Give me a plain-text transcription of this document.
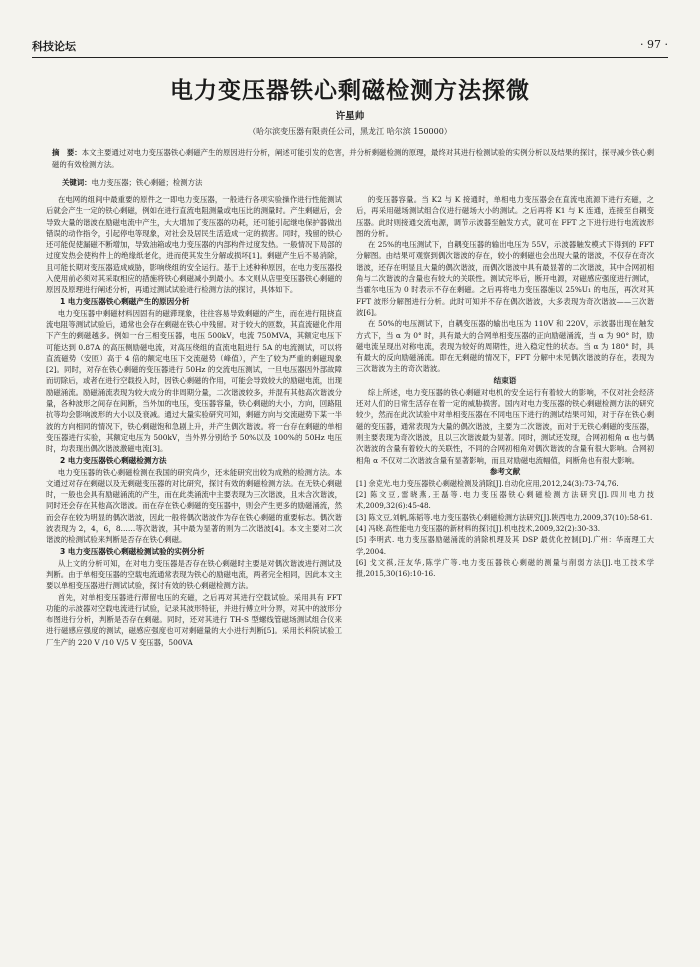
科技论坛	· 97 ·
电力变压器铁心剩磁检测方法探微
许星帅
（哈尔滨变压器有限责任公司，黑龙江 哈尔滨 150000）
摘　要：本文主要通过对电力变压器铁心剩磁产生的原因进行分析，阐述可能引发的危害，并分析剩磁检测的原理，最终对其进行检测试验的实例分析以及结果的探讨，探寻减少铁心剩磁的有效检测方法。
关键词：电力变压器；铁心剩磁；检测方法

在电网的组间中最重要的原件之一即电力变压器，一般进行各项实验操作进行性能测试后就会产生一定的铁心剩磁，例如在进行直流电阻测量或电压比的测量时。产生剩磁后，会导致大量的谐波在励磁电流中产生，大大增加了变压器的功耗，还可能引起继电保护器做出错误的动作指令，引起停电等现象，对社会及居民生活造成一定的损害。同时，残留的铁心还可能促使漏磁不断增加，导致油箱或电力变压器的内部构件过度发热。一般情况下局部的过度发热会使构件上的绝缘纸老化，进而使其发生分解或损坏[1]。剩磁产生后不易消除，且可能长期对变压器造成威胁，影响绕组的安全运行。基于上述种种原因，在电力变压器投入使用前必须对其采取相应的措施将铁心剩磁减小到最小。本文则从店里变压器铁心剩磁的原因及原理进行阐述分析，再通过测试试验进行检测方法的探讨，具体如下。

1 电力变压器铁心剩磁产生的原因分析

电力变压器中剩磁材料因固有的磁滞现象，往往容易导致剩磁的产生，而在进行阻挠直流电阻等测试试验后，通常也会存在剩磁在铁心中残留。对于较大的匝数，其直流磁化作用下产生的剩磁越多。例如一台三相变压器，电压 500kV，电流 750MVA，其额定电压下可能达到 0.87A 的高压侧励磁电流，对高压绕组的直流电阻进行 5A 的电流测试，可以将直流磁势（安匝）高于 4 倍的额定电压下交流磁势（峰值），产生了较为严重的剩磁现象[2]。同时，对存在铁心剩磁的变压器进行 50Hz 的交流电压测试，一旦电压器因外部故障而切除后，或者在进行空载投入时，因铁心剩磁的作用，可能会导致较大的励磁电流，出现励磁涌流。励磁涌流表现为较大成分的非周期分量，二次谐波较多，并混有其他高次谐波分量，各种波形之间存在间断，当外加的电压，变压器容量，铁心剩磁的大小，方向，回路阻抗等均会影响波形的大小以及衰减。通过大量实验研究可知，剩磁方向与交流磁势下某一半波的方向相同的情况下，铁心剩磁饱和急剧上升，并产生偶次谐波。将一台存在剩磁的单相变压器进行实验，其额定电压为 500kV，当外界分别给予 50%以及 100%的 50Hz 电压时，均表现出偶次谐波激磁电流[3]。

2 电力变压器铁心剩磁检测方法

电力变压器的铁心剩磁检测在我国的研究尚少，还未能研究出较为成熟的检测方法。本文通过对存在剩磁以及无剩磁变压器的对比研究，探讨有效的剩磁检测方法。在无铁心剩磁时，一般也会具有励磁涌流的产生，而在此类涌流中主要表现为三次谐波，且未含次谐波，同时还会存在其他高次谐波。而在存在铁心剩磁的变压器中，则会产生更多的励磁涌流，然而会存在较为明显的偶次谐波，因此一般将偶次谐波作为存在铁心剩磁的重要标志。偶次谐波表现为 2，4，6，8……等次谐波，其中最为显著的则为二次谐波[4]。本文主要对二次谐波的检测试验来判断是否存在铁心剩磁。

3 电力变压器铁心剩磁检测试验的实例分析

从上文的分析可知，在对电力变压器是否存在铁心剩磁时主要是对偶次谐波进行测试及判断。由于单相变压器的空载电流通常表现为铁心的励磁电流，两者完全相同，因此本文主要以单相变压器进行测试试验，探讨有效的铁心剩磁检测方法。

首先，对单相变压器进行滞留电压的充磁，之后再对其进行空载试验。采用具有 FFT 功能的示波器对空载电流进行试验，记录其波形特征，并进行傅立叶分界，对其中的波形分布图进行分析，判断是否存在剩磁。同时，还对其进行 TH-S 型螺线管磁场测试组合仪来进行磁感应强度的测试，磁感应强度也可对剩磁量的大小进行判断[5]。采用长科院试验工厂生产的 220 V /10 V/5 V 变压器，500VA

的变压器容量。当 K2 与 K 接通时，单相电力变压器会在直流电流源下进行充磁，之后，再采用磁场测试组合仪进行磁场大小的测试。之后再将 K1 与 K 连通，连接至自耦变压器。此时则接通交流电源，调节示波器至触发方式，就可在 FFT 之下进行进行电流波形图的分析。

在 25%的电压测试下，自耦变压器的输出电压为 55V，示波器触发模式下得到的 FFT 分解图。由结果可观察到偶次谐波的存在，较小的剩磁也会出现大量的谐波，不仅存在奇次谐波，还存在明显且大量的偶次谐波，而偶次谐波中具有最显著的二次谐波，其中合网初相角与二次谐波的含量也有较大的关联性。测试完毕后，断开电源，对磁感应强度进行测试，当霍尔电压为 0 时表示不存在剩磁。之后再将电力变压器施以 25%U₁ 的电压，再次对其 FFT 波形分解图进行分析。此时可知并不存在偶次谐波，大多表现为奇次谐波——三次谐波[6]。

在 50%的电压测试下，自耦变压器的输出电压为 110V 和 220V，示波器出现在触发方式下，当 α 为 0° 时，具有最大的合网单相变压器的正向励磁涌流，当 α 为 90° 时，励磁电流呈现出对称电流，表现为较好的周期性，进入稳定性的状态。当 α 为 180° 时，具有最大的反向励磁涌流。即在无剩磁的情况下，FFT 分解中未见偶次谐波的存在，表现为三次谐波为主的奇次谐波。

结束语

综上所述，电力变压器的铁心剩磁对电机的安全运行有着较大的影响，不仅对社会经济还对人们的日常生活存在着一定的威胁损害。国内对电力变压器的铁心剩磁检测方法的研究较少，然而在此次试验中对单相变压器在不同电压下进行的测试结果可知，对于存在铁心剩磁的变压器，通常表现为大量的偶次谐波，主要为二次谐波，而对于无铁心剩磁的变压器，则主要表现为奇次谐波，且以三次谐波最为显著。同时，测试还发现，合网初相角 α 也与偶次谐波的含量有着较大的关联性，不同的合网初相角对偶次谐波的含量有很大影响。合网初相角 α 不仅对二次谐波含量有显著影响，而且对励磁电流幅值，间断角也有很大影响。

参考文献
[1] 余克光.电力变压器铁心剩磁检测及消除[J].自动化应用,2012,24(3):73-74,76.
[2] 陈文豆,雷晓燕,王磊等.电力变压器铁心剩磁检测方法研究[J].四川电力技术,2009,32(6):45-48.
[3] 陈文豆,刘帆,陈韬等.电力变压器铁心剩磁检测方法研究[J].陕西电力,2009,37(10):58-61.
[4] 冯晓.高性能电力变压器的新材料的探讨[J].机电技术,2009,32(2):30-33.
[5] 李明武. 电力变压器励磁涌流的消除机理及其 DSP 最优化控制[D].广州：华南理工大学,2004.
[6] 戈文祺,汪友华,陈学广等.电力变压器铁心剩磁的测量与削弱方法[J].电工技术学报,2015,30(16):10-16.
